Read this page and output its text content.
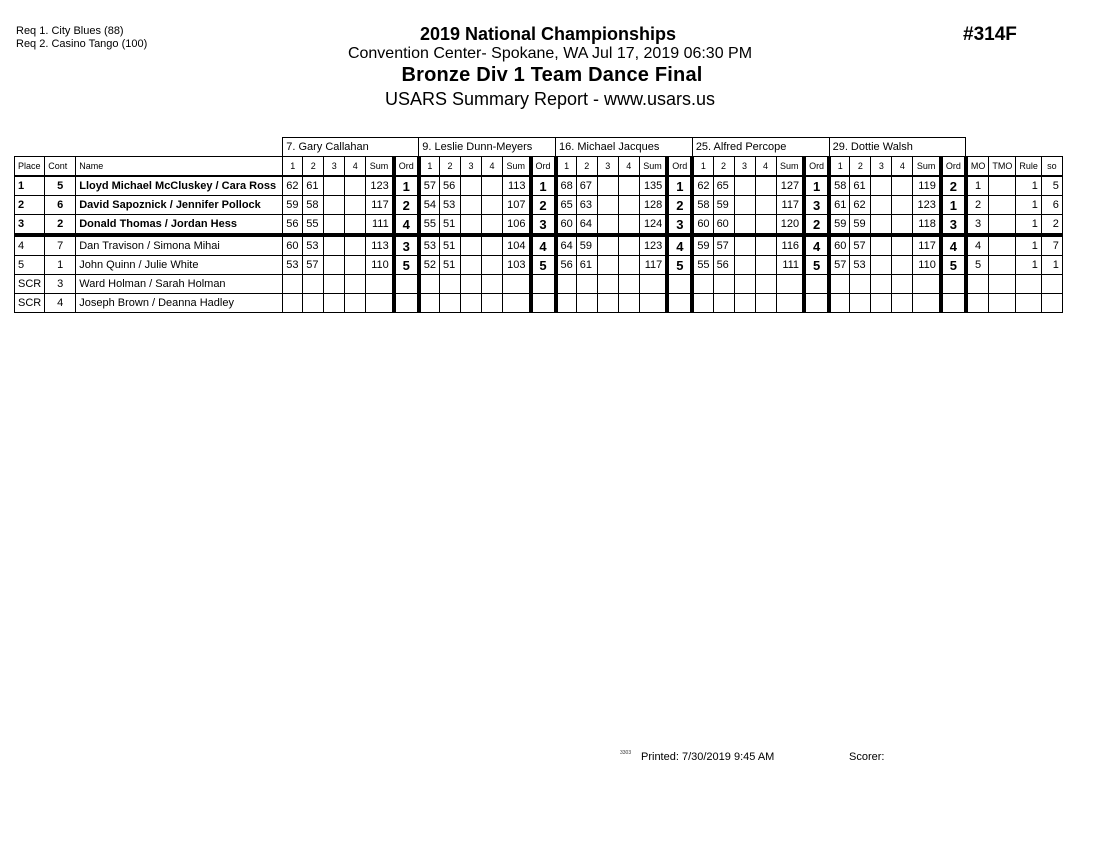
Req 1. City Blues (88)
Req 2. Casino Tango (100)	2019 National Championships
Convention Center- Spokane, WA Jul 17, 2019 06:30 PM
Bronze Div 1 Team Dance Final
USARS Summary Report - www.usars.us
#314F
			7. Gary Callahan						9. Leslie Dunn-Meyers						16. Michael Jacques						25. Alfred Percope						29. Dottie Walsh									
Place	Cont	Name	1	2	3	4	Sum	Ord	1	2	3	4	Sum	Ord	1	2	3	4	Sum	Ord	1	2	3	4	Sum	Ord	1	2	3	4	Sum	Ord	MO	TMO	Rule	so
1	5	Lloyd Michael McCluskey / Cara Ross	62	61			123	1	57	56			113	1	68	67			135	1	62	65			127	1	58	61			119	2	1		1	5
2	6	David Sapoznick / Jennifer Pollock	59	58			117	2	54	53			107	2	65	63			128	2	58	59			117	3	61	62			123	1	2		1	6
3	2	Donald Thomas / Jordan Hess	56	55			111	4	55	51			106	3	60	64			124	3	60	60			120	2	59	59			118	3	3		1	2
4	7	Dan Travison / Simona Mihai	60	53			113	3	53	51			104	4	64	59			123	4	59	57			116	4	60	57			117	4	4		1	7
5	1	John Quinn / Julie White	53	57			110	5	52	51			103	5	56	61			117	5	55	56			111	5	57	53			110	5	5		1	1
SCR	3	Ward Holman / Sarah Holman																																		
SCR	4	Joseph Brown / Deanna Hadley																																		
3303 Printed: 7/30/2019 9:45 AM	Scorer:
